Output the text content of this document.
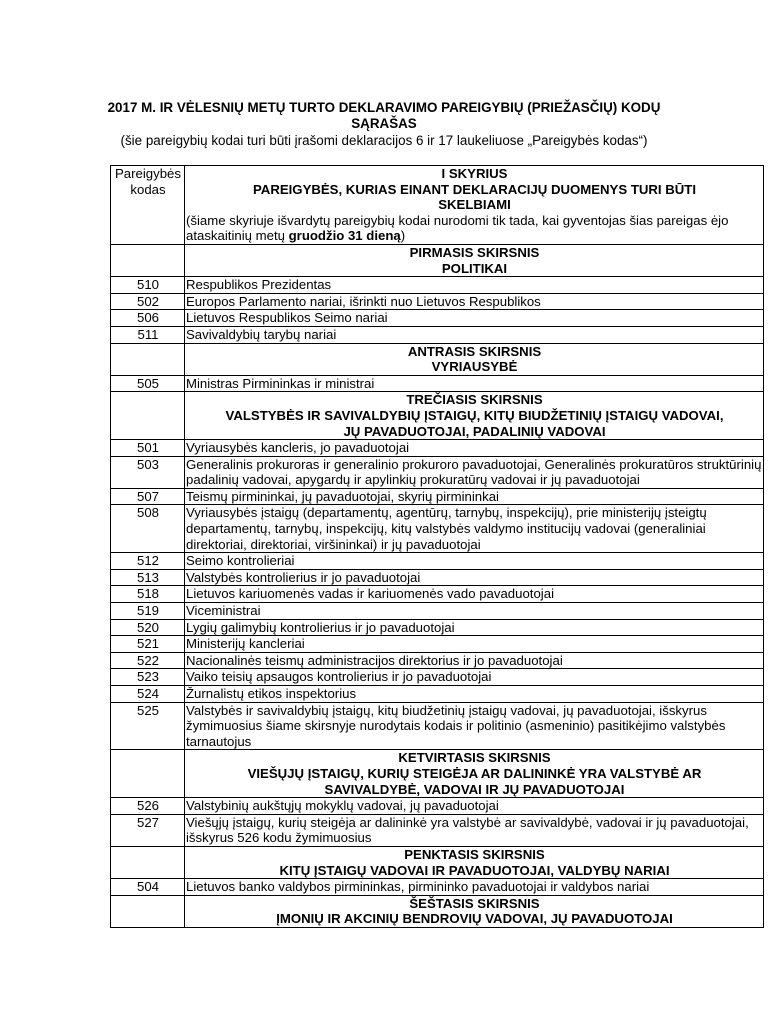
2017 M. IR VĖLESNIŲ METŲ TURTO DEKLARAVIMO PAREIGYBIŲ (PRIEŽASČIŲ) KODŲ
SĄRAŠAS
(šie pareigybių kodai turi būti įrašomi deklaracijos 6 ir 17 laukeliuose „Pareigybės kodas“)
Pareigybės
kodas	I SKYRIUS
PAREIGYBĖS, KURIAS EINANT DEKLARACIJŲ DUOMENYS TURI BŪTI
SKELBIAMI
(šiame skyriuje išvardytų pareigybių kodai nurodomi tik tada, kai gyventojas šias pareigas ėjo ataskaitinių metų gruodžio 31 dieną)

	PIRMASIS SKIRSNIS
POLITIKAI

510	Respublikos Prezidentas
502	Europos Parlamento nariai, išrinkti nuo Lietuvos Respublikos
506	Lietuvos Respublikos Seimo nariai
511	Savivaldybių tarybų nariai

	ANTRASIS SKIRSNIS
VYRIAUSYBĖ

505	Ministras Pirmininkas ir ministrai

	TREČIASIS SKIRSNIS
VALSTYBĖS IR SAVIVALDYBIŲ ĮSTAIGŲ, KITŲ BIUDŽETINIŲ ĮSTAIGŲ VADOVAI,
JŲ PAVADUOTOJAI, PADALINIŲ VADOVAI

501	Vyriausybės kancleris, jo pavaduotojai
503	Generalinis prokuroras ir generalinio prokuroro pavaduotojai, Generalinės prokuratūros struktūrinių padalinių vadovai, apygardų ir apylinkių prokuratūrų vadovai ir jų pavaduotojai
507	Teismų pirmininkai, jų pavaduotojai, skyrių pirmininkai
508	Vyriausybės įstaigų (departamentų, agentūrų, tarnybų, inspekcijų), prie ministerijų įsteigtų departamentų, tarnybų, inspekcijų, kitų valstybės valdymo institucijų vadovai (generaliniai direktoriai, direktoriai, viršininkai) ir jų pavaduotojai
512	Seimo kontrolieriai
513	Valstybės kontrolierius ir jo pavaduotojai
518	Lietuvos kariuomenės vadas ir kariuomenės vado pavaduotojai
519	Viceministrai
520	Lygių galimybių kontrolierius ir jo pavaduotojai
521	Ministerijų kancleriai
522	Nacionalinės teismų administracijos direktorius ir jo pavaduotojai
523	Vaiko teisių apsaugos kontrolierius ir jo pavaduotojai
524	Žurnalistų etikos inspektorius
525	Valstybės ir savivaldybių įstaigų, kitų biudžetinių įstaigų vadovai, jų pavaduotojai, išskyrus žymimuosius šiame skirsnyje nurodytais kodais ir politinio (asmeninio) pasitikėjimo valstybės tarnautojus

	KETVIRTASIS SKIRSNIS
VIEŠŲJŲ ĮSTAIGŲ, KURIŲ STEIGĖJA AR DALININKĖ YRA VALSTYBĖ AR
SAVIVALDYBĖ, VADOVAI IR JŲ PAVADUOTOJAI

526	Valstybinių aukštųjų mokyklų vadovai, jų pavaduotojai
527	Viešųjų įstaigų, kurių steigėja ar dalininkė yra valstybė ar savivaldybė, vadovai ir jų pavaduotojai, išskyrus 526 kodu žymimuosius

	PENKTASIS SKIRSNIS
KITŲ ĮSTAIGŲ VADOVAI IR PAVADUOTOJAI, VALDYBŲ NARIAI

504	Lietuvos banko valdybos pirmininkas, pirmininko pavaduotojai ir valdybos nariai

	ŠEŠTASIS SKIRSNIS
ĮMONIŲ IR AKCINIŲ BENDROVIŲ VADOVAI, JŲ PAVADUOTOJAI
